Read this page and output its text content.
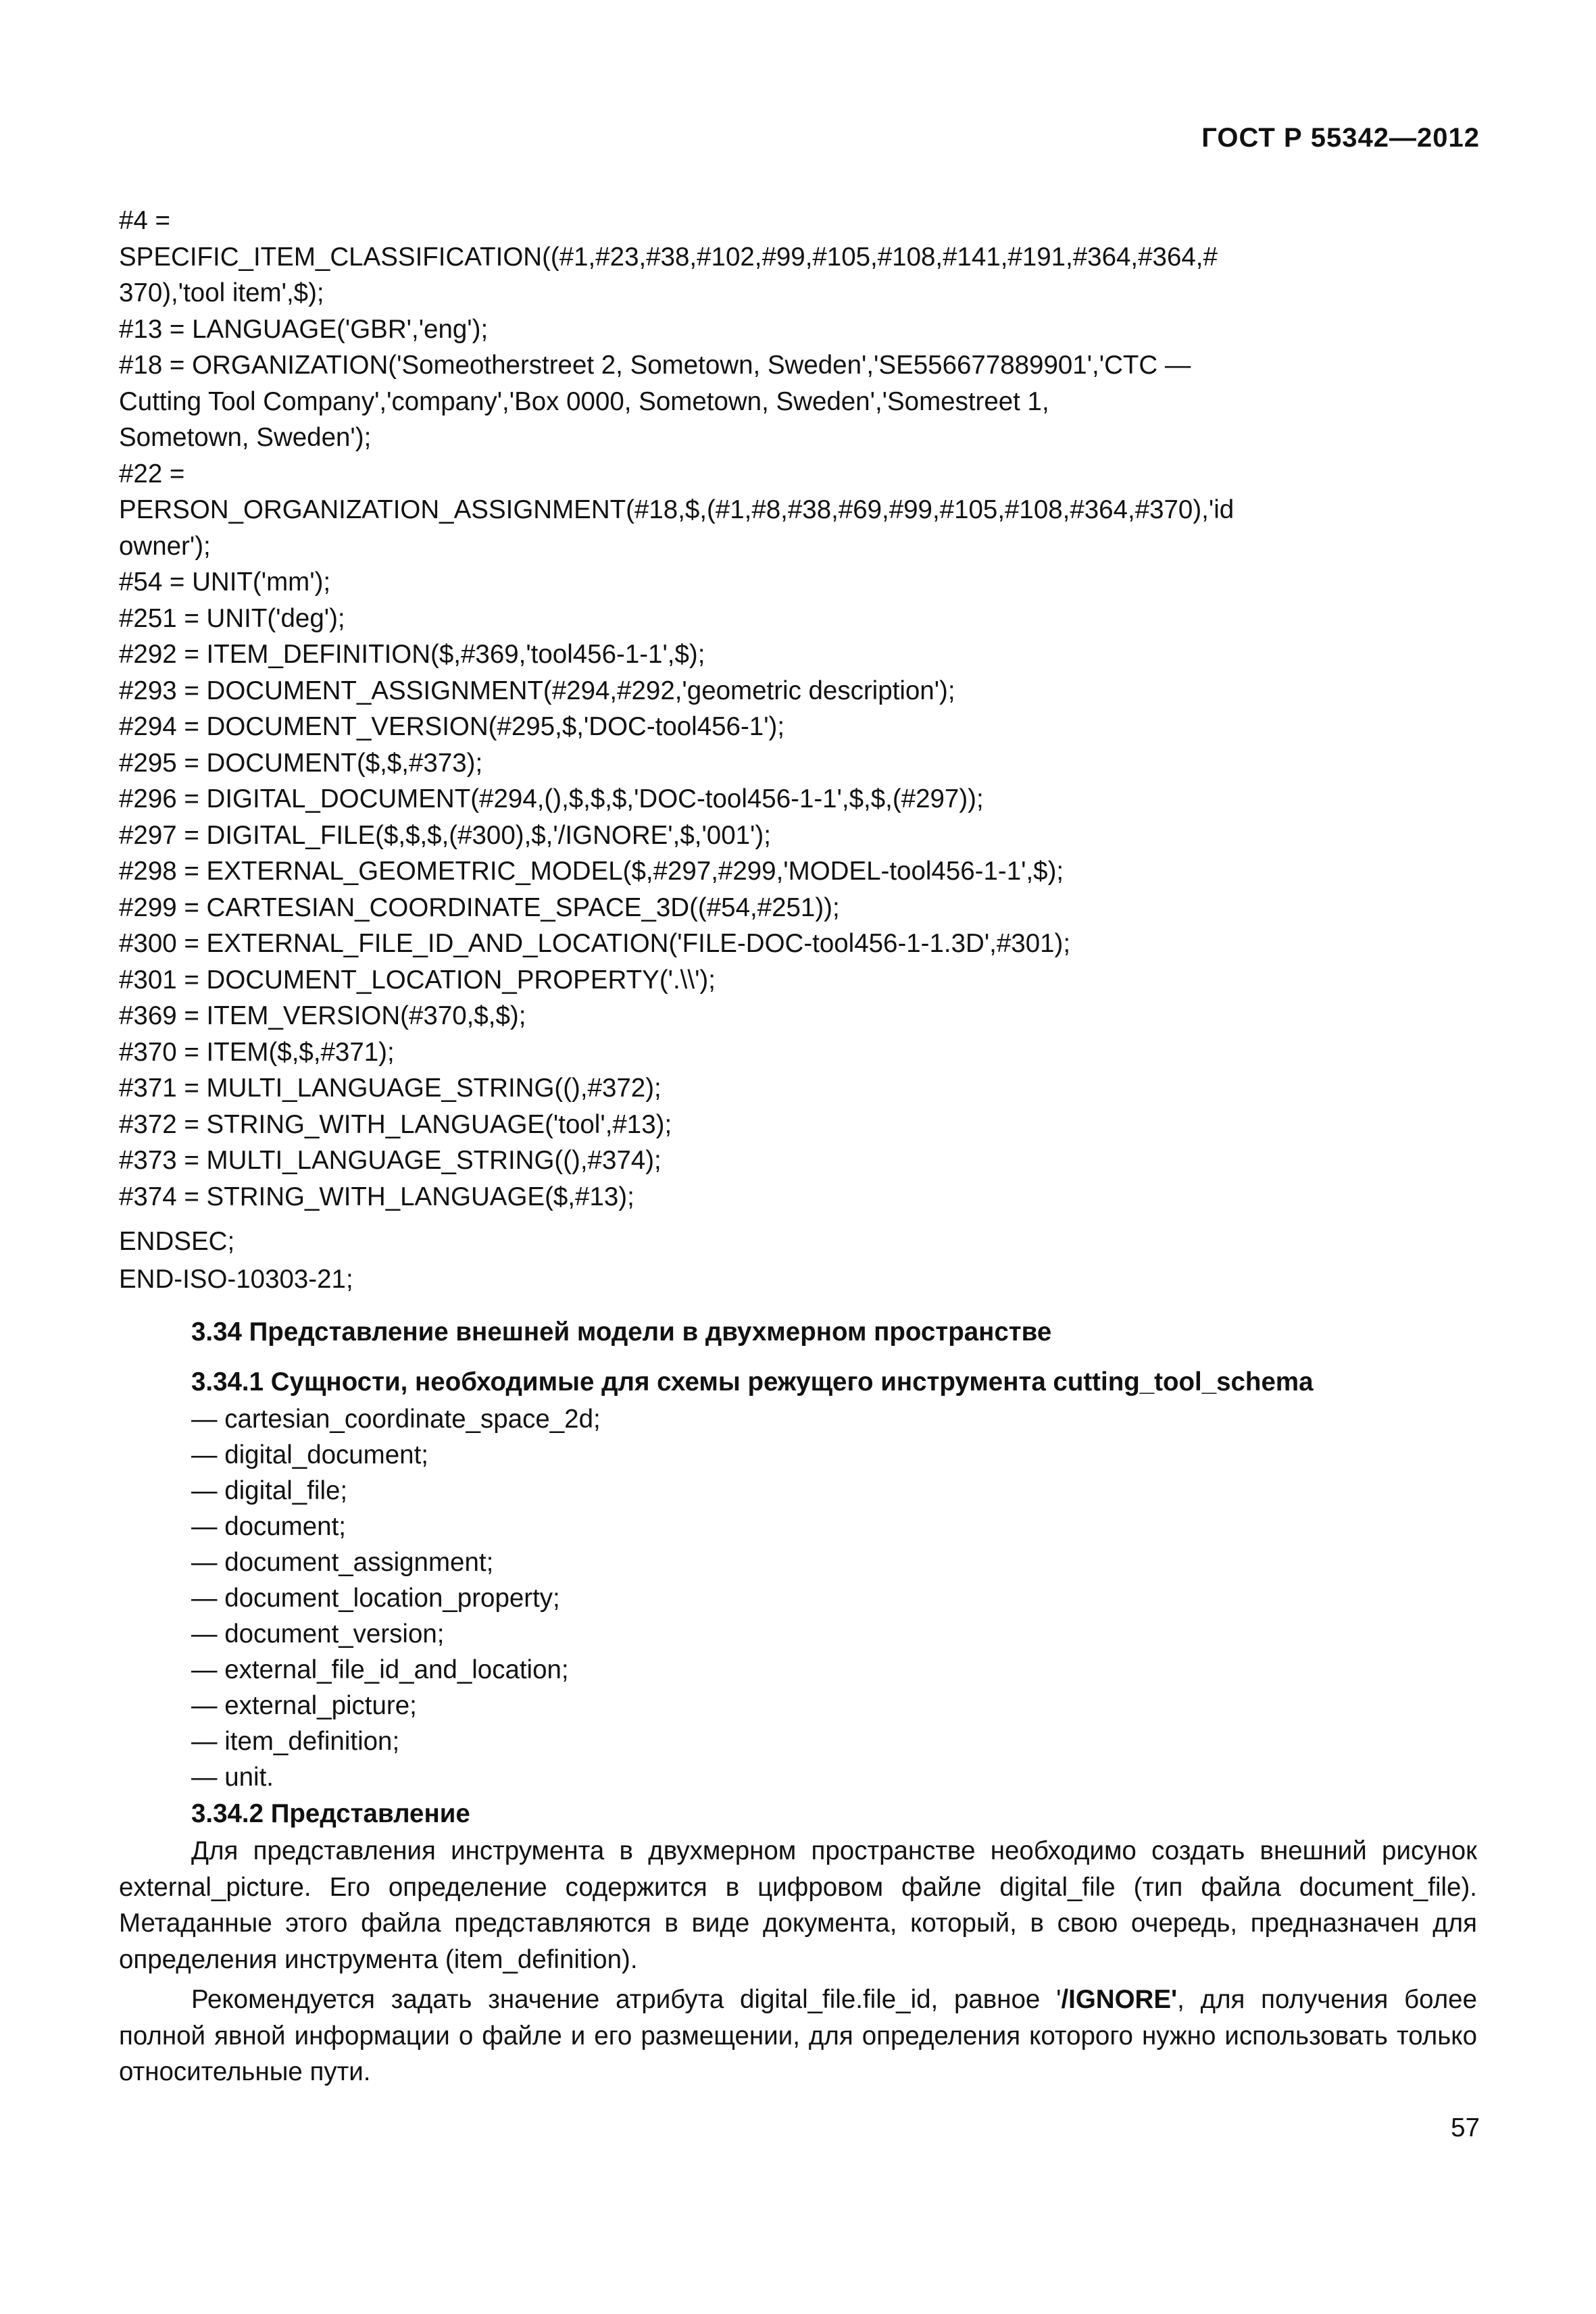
ГОСТ Р 55342—2012
#4 =
SPECIFIC_ITEM_CLASSIFICATION((#1,#23,#38,#102,#99,#105,#108,#141,#191,#364,#364,#
370),'tool item',$);
#13 = LANGUAGE('GBR','eng');
#18 = ORGANIZATION('Someotherstreet 2, Sometown, Sweden','SE556677889901','CTC —
Cutting Tool Company','company','Box 0000, Sometown, Sweden','Somestreet 1,
Sometown, Sweden');
#22 =
PERSON_ORGANIZATION_ASSIGNMENT(#18,$,(#1,#8,#38,#69,#99,#105,#108,#364,#370),'id
owner');
#54 = UNIT('mm');
#251 = UNIT('deg');
#292 = ITEM_DEFINITION($,#369,'tool456-1-1',$);
#293 = DOCUMENT_ASSIGNMENT(#294,#292,'geometric description');
#294 = DOCUMENT_VERSION(#295,$,'DOC-tool456-1');
#295 = DOCUMENT($,$,#373);
#296 = DIGITAL_DOCUMENT(#294,(),$,$,$,'DOC-tool456-1-1',$,$,(#297));
#297 = DIGITAL_FILE($,$,$,(#300),$,'/IGNORE',$,'001');
#298 = EXTERNAL_GEOMETRIC_MODEL($,#297,#299,'MODEL-tool456-1-1',$);
#299 = CARTESIAN_COORDINATE_SPACE_3D((#54,#251));
#300 = EXTERNAL_FILE_ID_AND_LOCATION('FILE-DOC-tool456-1-1.3D',#301);
#301 = DOCUMENT_LOCATION_PROPERTY('.\\');
#369 = ITEM_VERSION(#370,$,$);
#370 = ITEM($,$,#371);
#371 = MULTI_LANGUAGE_STRING((),#372);
#372 = STRING_WITH_LANGUAGE('tool',#13);
#373 = MULTI_LANGUAGE_STRING((),#374);
#374 = STRING_WITH_LANGUAGE($,#13);
ENDSEC;
END-ISO-10303-21;
3.34 Представление внешней модели в двухмерном пространстве
3.34.1 Сущности, необходимые для схемы режущего инструмента cutting_tool_schema
— cartesian_coordinate_space_2d;
— digital_document;
— digital_file;
— document;
— document_assignment;
— document_location_property;
— document_version;
— external_file_id_and_location;
— external_picture;
— item_definition;
— unit.
3.34.2 Представление

Для представления инструмента в двухмерном пространстве необходимо создать внешний рисунок external_picture. Его определение содержится в цифровом файле digital_file (тип файла document_file). Метаданные этого файла представляются в виде документа, который, в свою очередь, предназначен для определения инструмента (item_definition).

Рекомендуется задать значение атрибута digital_file.file_id, равное '/IGNORE', для получения более полной явной информации о файле и его размещении, для определения которого нужно использовать только относительные пути.

57
